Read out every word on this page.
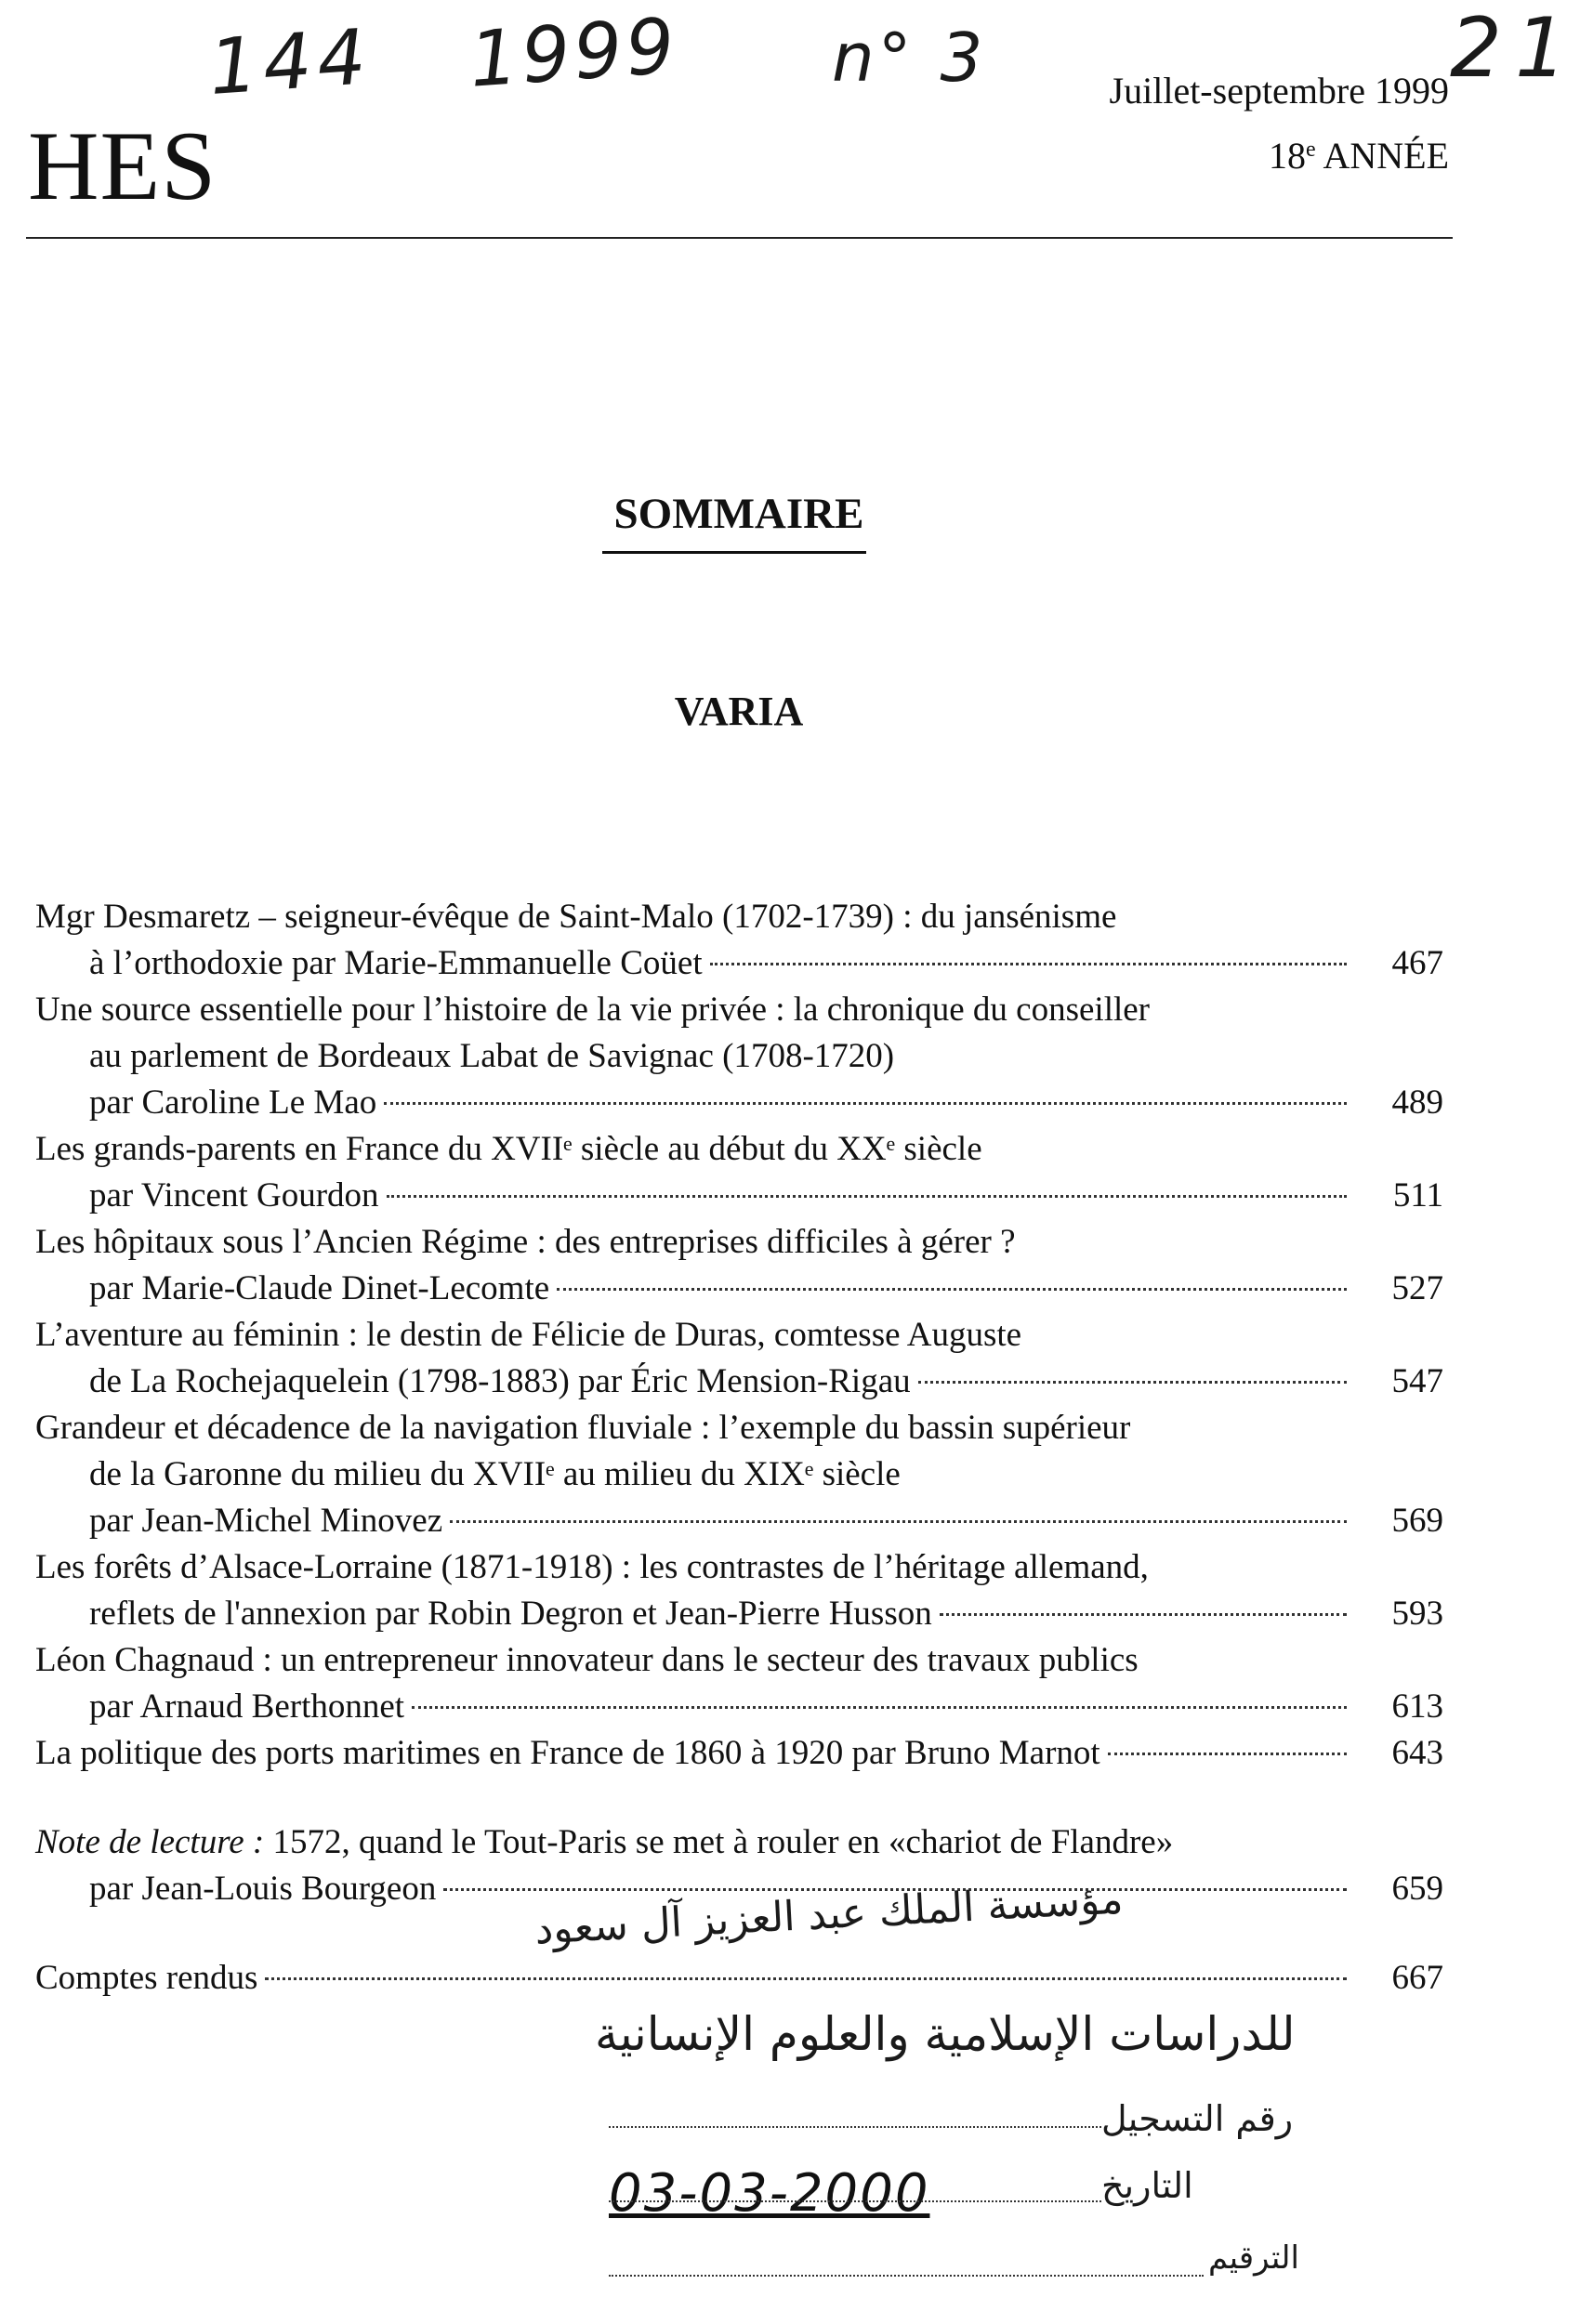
144 1999 n° 3	21
HES
Juillet-septembre 1999
18e ANNÉE
SOMMAIRE
VARIA
Mgr Desmaretz – seigneur-évêque de Saint-Malo (1702-1739) : du jansénisme
à l’orthodoxie par Marie-Emmanuelle Coüet	467
Une source essentielle pour l’histoire de la vie privée : la chronique du conseiller
au parlement de Bordeaux Labat de Savignac (1708-1720)
par Caroline Le Mao	489
Les grands-parents en France du XVIIᵉ siècle au début du XXᵉ siècle
par Vincent Gourdon	511
Les hôpitaux sous l’Ancien Régime : des entreprises difficiles à gérer ?
par Marie-Claude Dinet-Lecomte	527
L’aventure au féminin : le destin de Félicie de Duras, comtesse Auguste
de La Rochejaquelein (1798-1883) par Éric Mension-Rigau	547
Grandeur et décadence de la navigation fluviale : l’exemple du bassin supérieur
de la Garonne du milieu du XVIIᵉ au milieu du XIXᵉ siècle
par Jean-Michel Minovez	569
Les forêts d’Alsace-Lorraine (1871-1918) : les contrastes de l’héritage allemand,
reflets de l'annexion par Robin Degron et Jean-Pierre Husson	593
Léon Chagnaud : un entrepreneur innovateur dans le secteur des travaux publics
par Arnaud Berthonnet	613
La politique des ports maritimes en France de 1860 à 1920 par Bruno Marnot	643
Note de lecture : 1572, quand le Tout-Paris se met à rouler en «chariot de Flandre»
par Jean-Louis Bourgeon	659
Comptes rendus	667
مؤسسة الملك عبد العزيز آل سعود
للدراسات الإسلامية والعلوم الإنسانية
رقم التسجيل
03-03-2000	التاريخ
الترقيم
